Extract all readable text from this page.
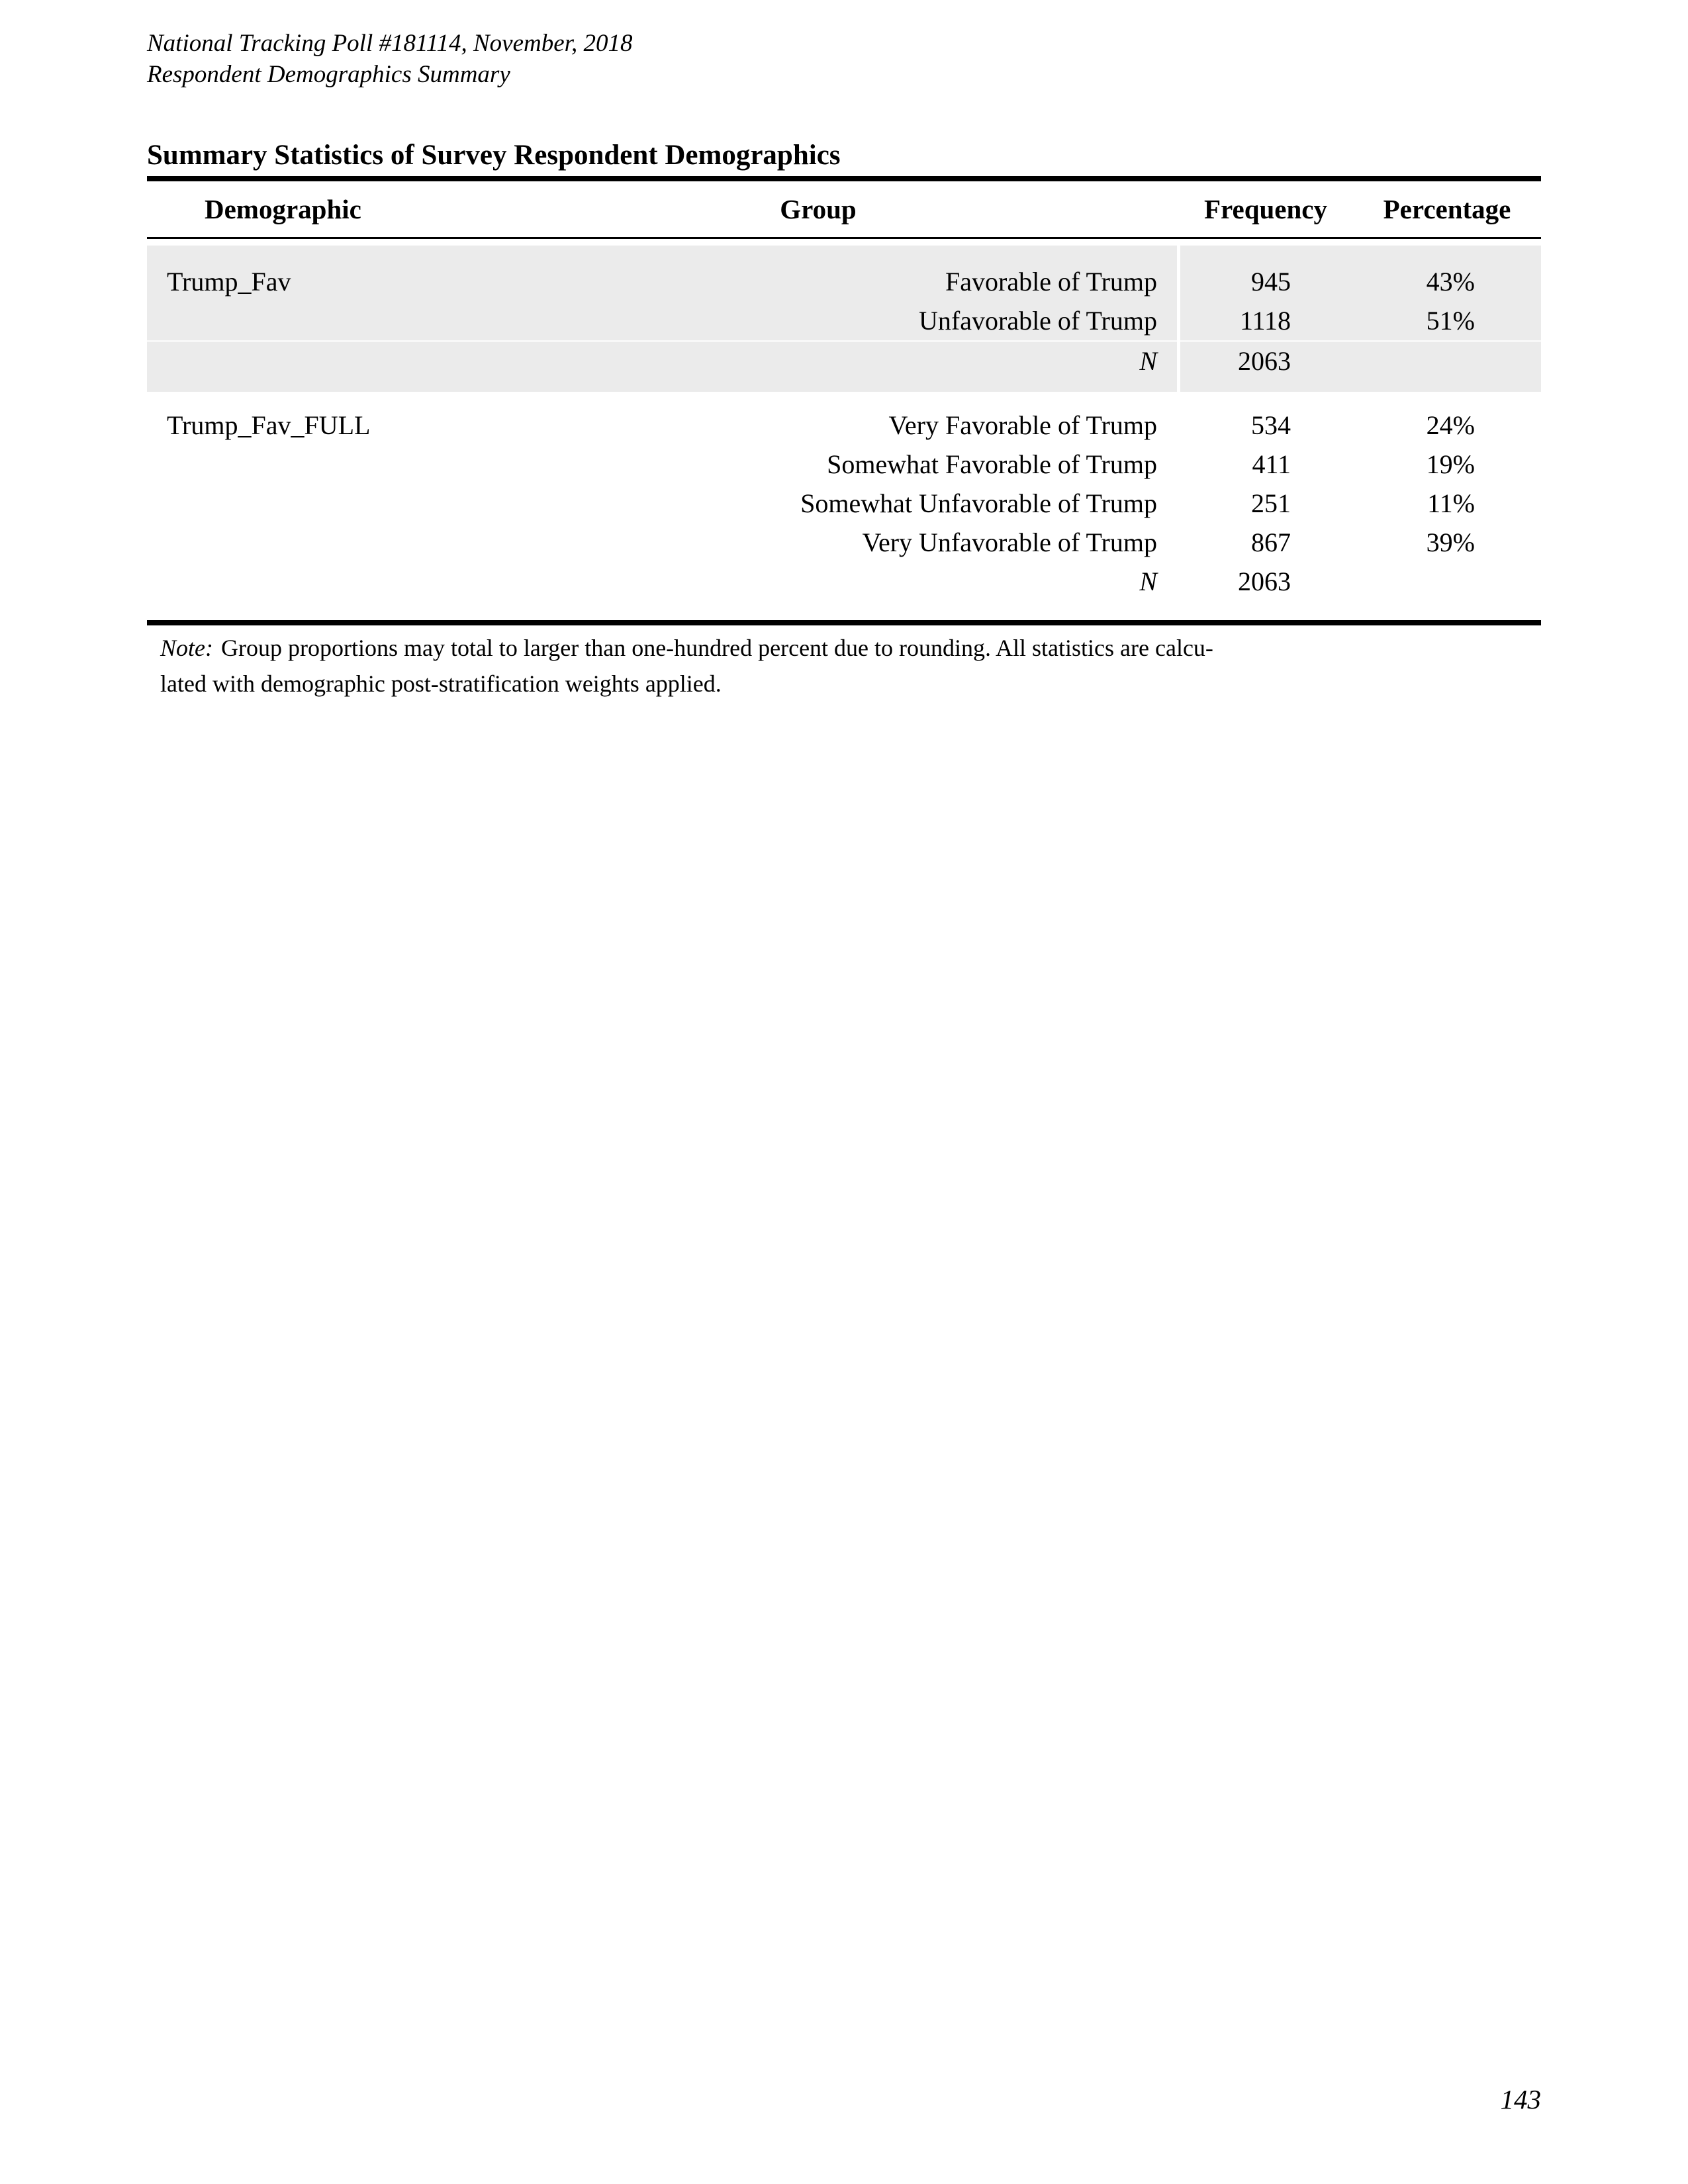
National Tracking Poll #181114, November, 2018
Respondent Demographics Summary
Summary Statistics of Survey Respondent Demographics
Demographic	Group	Frequency Percentage
Trump_Fav	Favorable of Trump	945	43%
Unfavorable of Trump	1118	51%
N	2063
Trump_Fav_FULL	Very Favorable of Trump	534	24%
Somewhat Favorable of Trump	411	19%
Somewhat Unfavorable of Trump	251	11%
Very Unfavorable of Trump	867	39%
N	2063
Note: Group proportions may total to larger than one-hundred percent due to rounding. All statistics are calcu-
lated with demographic post-stratification weights applied.
143
